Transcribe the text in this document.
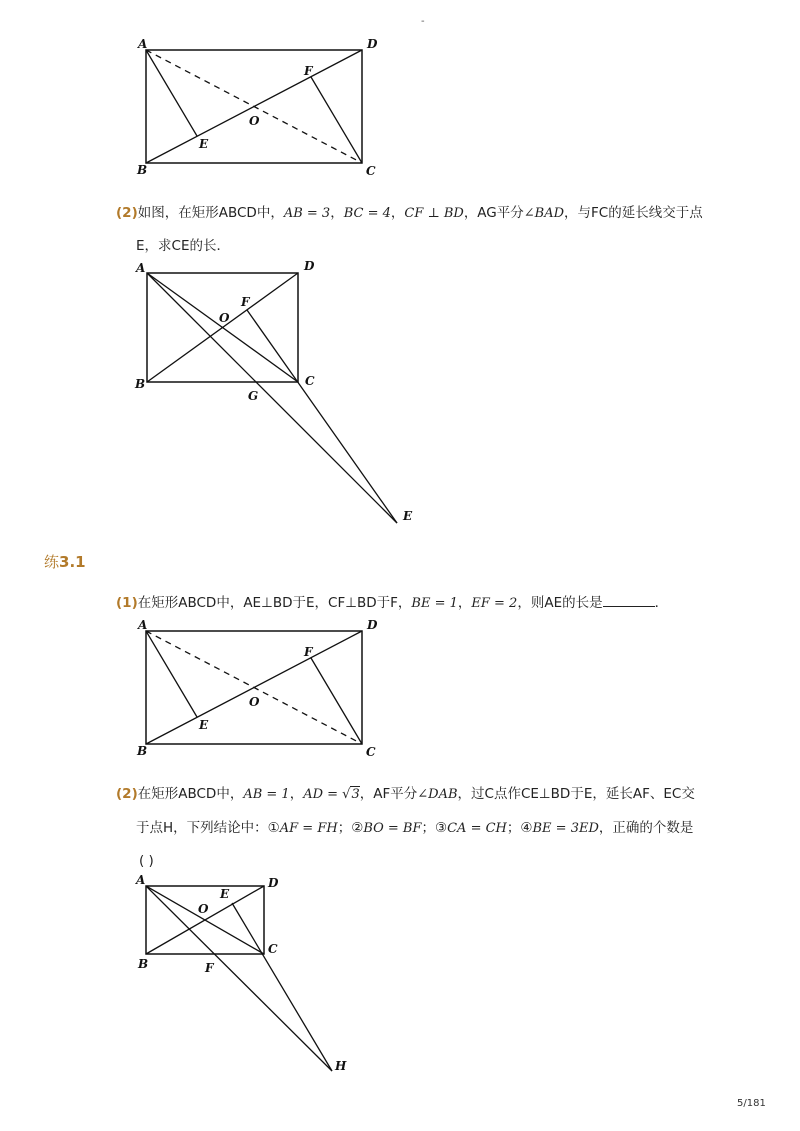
-
A	D
B	C
E
F
O
(2)如图，在矩形ABCD中，AB = 3，BC = 4，CF ⊥ BD，AG平分∠BAD，与FC的延长线交于点
E，求CE的长．
A	D
B	C
F
O
G
E
练3.1
(1)在矩形ABCD中，AE⊥BD于E，CF⊥BD于F，BE = 1，EF = 2，则AE的长是	．
A	D
B	C
E
F
O
(2)在矩形ABCD中，AB = 1，AD = √3，AF平分∠DAB，过C点作CE⊥BD于E，延长AF、EC交
于点H，下列结论中：①AF = FH；②BO = BF；③CA = CH；④BE = 3ED，正确的个数是
( )
A	D
B
C
E
O
F
H
5/181
